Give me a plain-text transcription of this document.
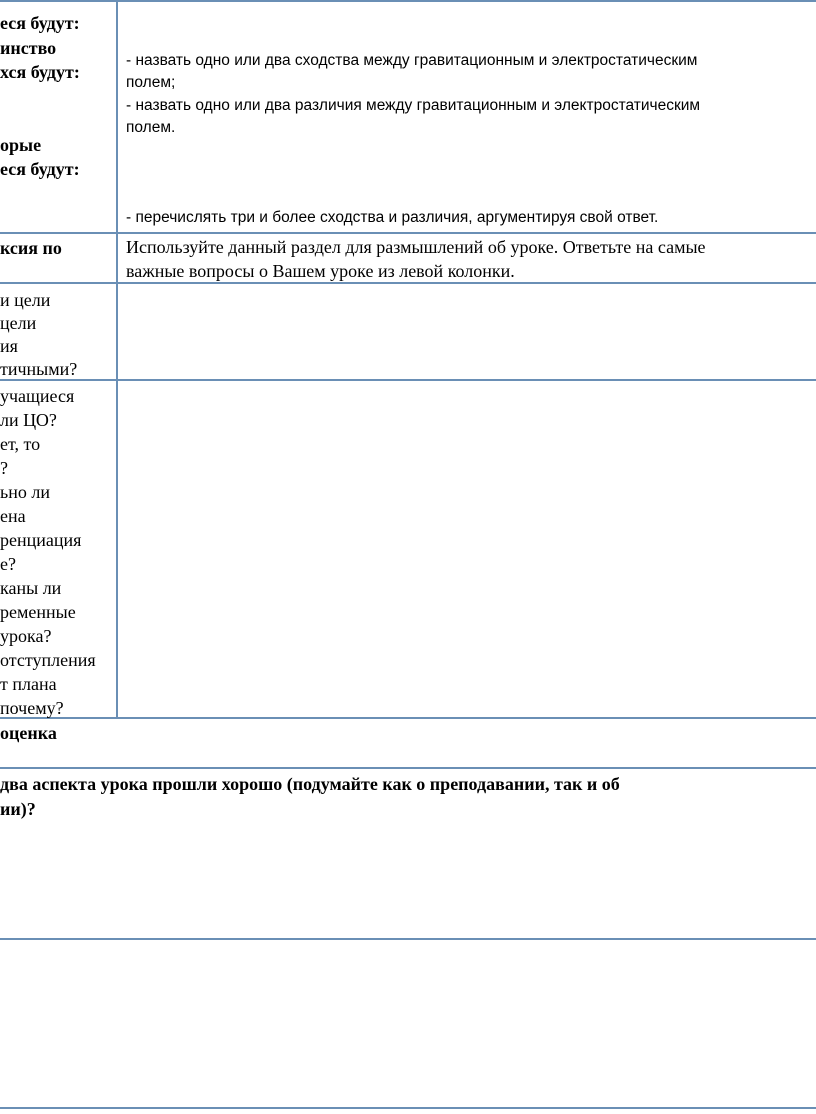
еся будут:
инство
хся будут:
орые
еся будут:
- назвать одно или два сходства между гравитационным и электростатическим
полем;
- назвать одно или два различия между гравитационным и электростатическим
полем.
- перечислять три и более сходства и различия, аргументируя свой ответ.
ксия по	Используйте данный раздел для размышлений об уроке. Ответьте на самые
важные вопросы о Вашем уроке из левой колонки.
и цели
цели
ия
тичными?
учащиеся
ли ЦО?
ет, то
?
ьно ли
ена
ренциация
е?
каны ли
ременные
урока?
отступления
т плана
почему?
оценка
два аспекта урока прошли хорошо (подумайте как о преподавании, так и об
ии)?
